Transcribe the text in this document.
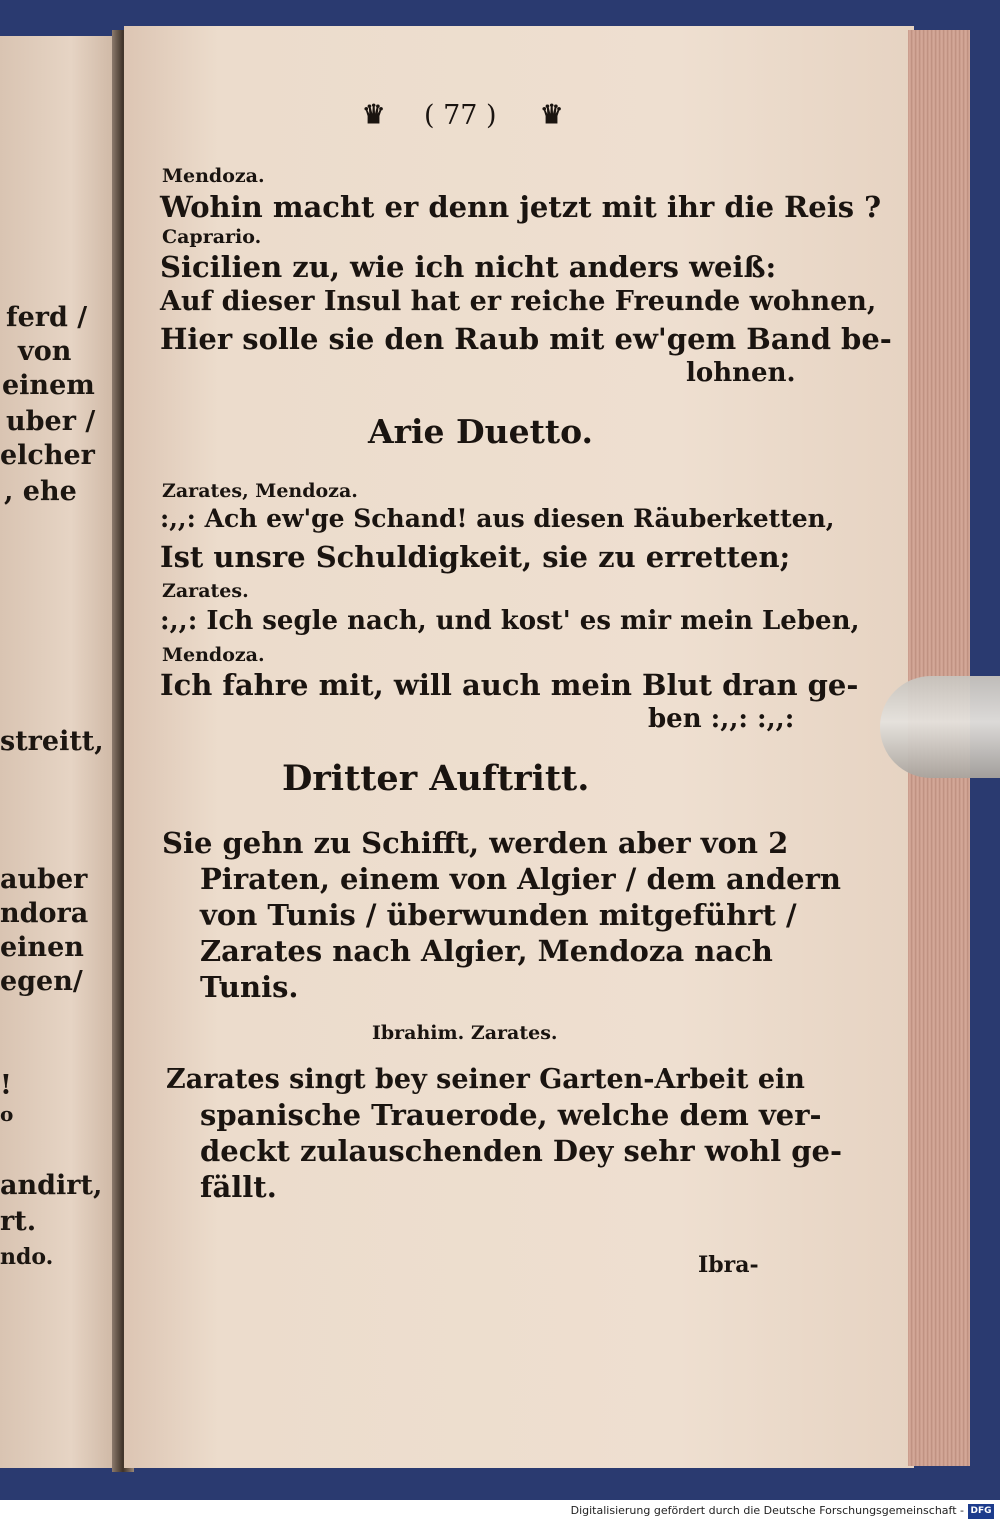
ferd /
von
einem
uber /
elcher
, ehe
streitt,
auber
ndora
einen
egen/
!
o
andirt,
rt.
ndo.
♛ ( 77 ) ♛
Mendoza.
Wohin macht er denn jetzt mit ihr die Reis ?
Caprario.
Sicilien zu, wie ich nicht anders weiß:
Auf dieser Insul hat er reiche Freunde wohnen,
Hier solle sie den Raub mit ew'gem Band be-
lohnen.
Arie Duetto.
Zarates, Mendoza.
:,,: Ach ew'ge Schand! aus diesen Räuberketten,
Ist unsre Schuldigkeit, sie zu erretten;
Zarates.
:,,: Ich segle nach, und kost' es mir mein Leben,
Mendoza.
Ich fahre mit, will auch mein Blut dran ge-
ben :,,: :,,:
Dritter Auftritt.
Sie gehn zu Schifft, werden aber von 2
Piraten, einem von Algier / dem andern
von Tunis / überwunden mitgeführt /
Zarates nach Algier, Mendoza nach
Tunis.
Ibrahim. Zarates.
Zarates singt bey seiner Garten-Arbeit ein
spanische Trauerode, welche dem ver-
deckt zulauschenden Dey sehr wohl ge-
fällt.
Ibra-
Digitalisierung gefördert durch die Deutsche Forschungsgemeinschaft - DFG
